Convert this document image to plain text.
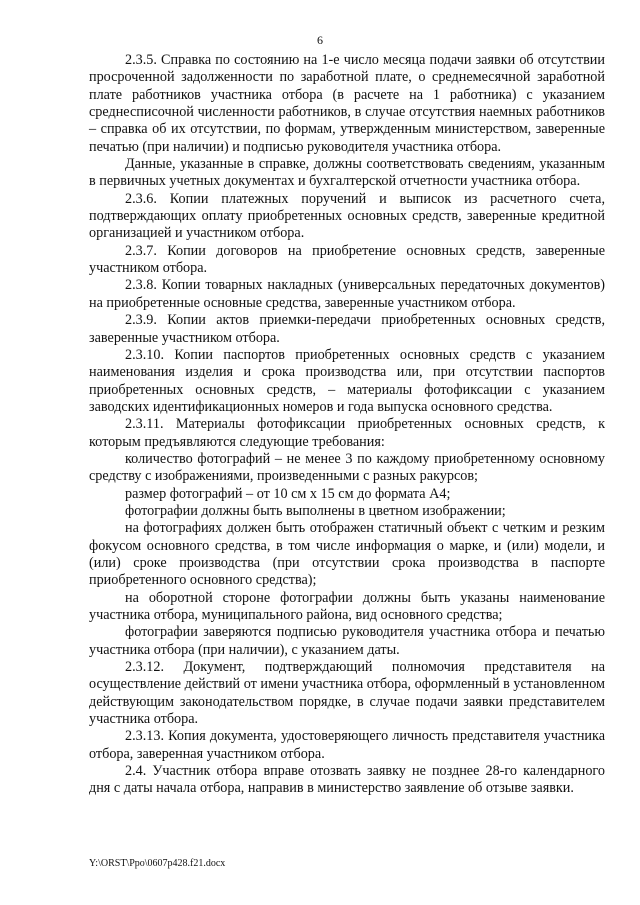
6

2.3.5. Справка по состоянию на 1-е число месяца подачи заявки об отсутствии просроченной задолженности по заработной плате, о среднемесячной заработной плате работников участника отбора (в расчете на 1 работника) с указанием среднесписочной численности работников, в случае отсутствия наемных работников – справка об их отсутствии, по формам, утвержденным министерством, заверенные печатью (при наличии) и подписью руководителя участника отбора.

Данные, указанные в справке, должны соответствовать сведениям, указанным в первичных учетных документах и бухгалтерской отчетности участника отбора.

2.3.6. Копии платежных поручений и выписок из расчетного счета, подтверждающих оплату приобретенных основных средств, заверенные кредитной организацией и участником отбора.

2.3.7. Копии договоров на приобретение основных средств, заверенные участником отбора.

2.3.8. Копии товарных накладных (универсальных передаточных документов) на приобретенные основные средства, заверенные участником отбора.

2.3.9. Копии актов приемки-передачи приобретенных основных средств, заверенные участником отбора.

2.3.10. Копии паспортов приобретенных основных средств с указанием наименования изделия и срока производства или, при отсутствии паспортов приобретенных основных средств, – материалы фотофиксации с указанием заводских идентификационных номеров и года выпуска основного средства.

2.3.11. Материалы фотофиксации приобретенных основных средств, к которым предъявляются следующие требования:

количество фотографий – не менее 3 по каждому приобретенному основному средству с изображениями, произведенными с разных ракурсов;

размер фотографий – от 10 см х 15 см до формата А4;

фотографии должны быть выполнены в цветном изображении;

на фотографиях должен быть отображен статичный объект с четким и резким фокусом основного средства, в том числе информация о марке, и (или) модели, и (или) сроке производства (при отсутствии срока производства в паспорте приобретенного основного средства);

на оборотной стороне фотографии должны быть указаны наименование участника отбора, муниципального района, вид основного средства;

фотографии заверяются подписью руководителя участника отбора и печатью участника отбора (при наличии), с указанием даты.

2.3.12. Документ, подтверждающий полномочия представителя на осуществление действий от имени участника отбора, оформленный в установленном действующим законодательством порядке, в случае подачи заявки представителем участника отбора.

2.3.13. Копия документа, удостоверяющего личность представителя участника отбора, заверенная участником отбора.

2.4. Участник отбора вправе отозвать заявку не позднее 28-го календарного дня с даты начала отбора, направив в министерство заявление об отзыве заявки.

Y:\ORST\Ppo\0607p428.f21.docx
